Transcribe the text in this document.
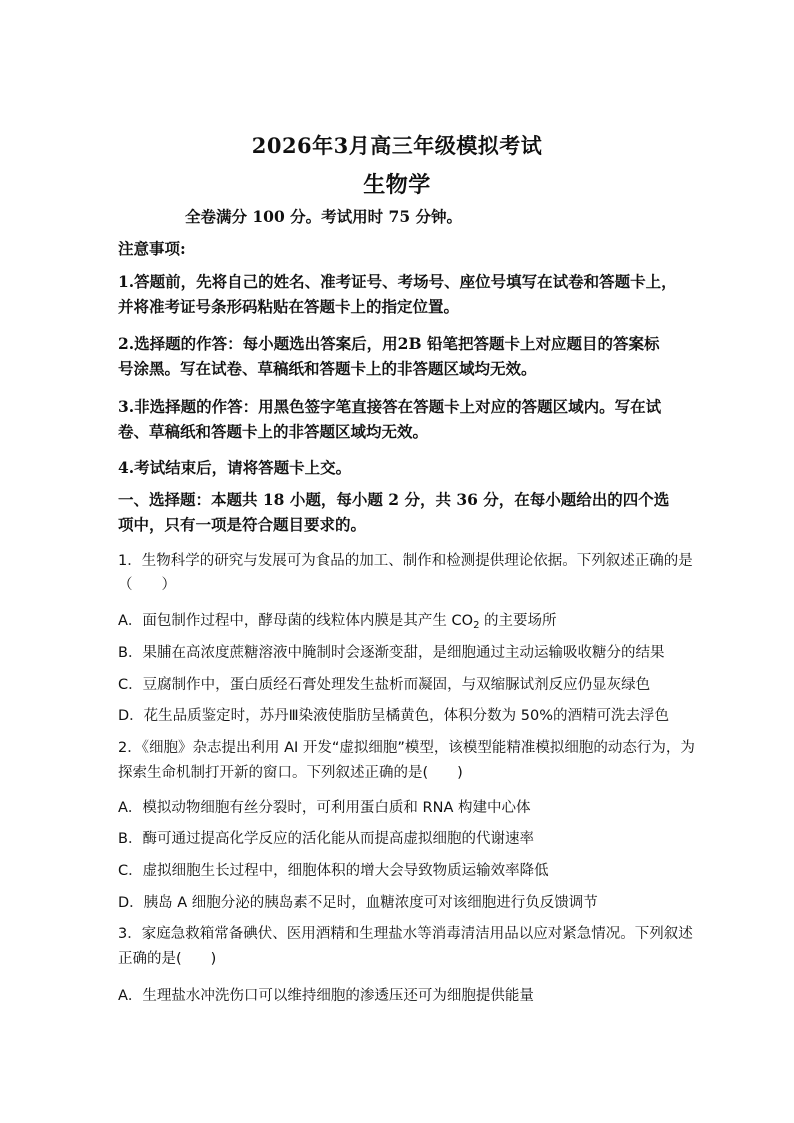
2026年3月高三年级模拟考试
生物学
全卷满分 100 分。考试用时 75 分钟。
注意事项:
1.答题前，先将自己的姓名、准考证号、考场号、座位号填写在试卷和答题卡上，
并将准考证号条形码粘贴在答题卡上的指定位置。
2.选择题的作答：每小题选出答案后，用2B 铅笔把答题卡上对应题目的答案标
号涂黑。写在试卷、草稿纸和答题卡上的非答题区域均无效。
3.非选择题的作答：用黑色签字笔直接答在答题卡上对应的答题区域内。写在试
卷、草稿纸和答题卡上的非答题区域均无效。
4.考试结束后，请将答题卡上交。
一、选择题：本题共 18 小题，每小题 2 分，共 36 分，在每小题给出的四个选
项中，只有一项是符合题目要求的。
1．生物科学的研究与发展可为食品的加工、制作和检测提供理论依据。下列叙述正确的是
（　　）
A．面包制作过程中，酵母菌的线粒体内膜是其产生 $CO_2$ 的主要场所
B．果脯在高浓度蔗糖溶液中腌制时会逐渐变甜，是细胞通过主动运输吸收糖分的结果
C．豆腐制作中，蛋白质经石膏处理发生盐析而凝固，与双缩脲试剂反应仍显灰绿色
D．花生品质鉴定时，苏丹Ⅲ染液使脂肪呈橘黄色，体积分数为 50%的酒精可洗去浮色
2．《细胞》杂志提出利用 AI 开发“虚拟细胞”模型，该模型能精准模拟细胞的动态行为，为
探索生命机制打开新的窗口。下列叙述正确的是(　　)
A．模拟动物细胞有丝分裂时，可利用蛋白质和 RNA 构建中心体
B．酶可通过提高化学反应的活化能从而提高虚拟细胞的代谢速率
C．虚拟细胞生长过程中，细胞体积的增大会导致物质运输效率降低
D．胰岛 A 细胞分泌的胰岛素不足时，血糖浓度可对该细胞进行负反馈调节
3．家庭急救箱常备碘伏、医用酒精和生理盐水等消毒清洁用品以应对紧急情况。下列叙述
正确的是(　　)
A．生理盐水冲洗伤口可以维持细胞的渗透压还可为细胞提供能量
